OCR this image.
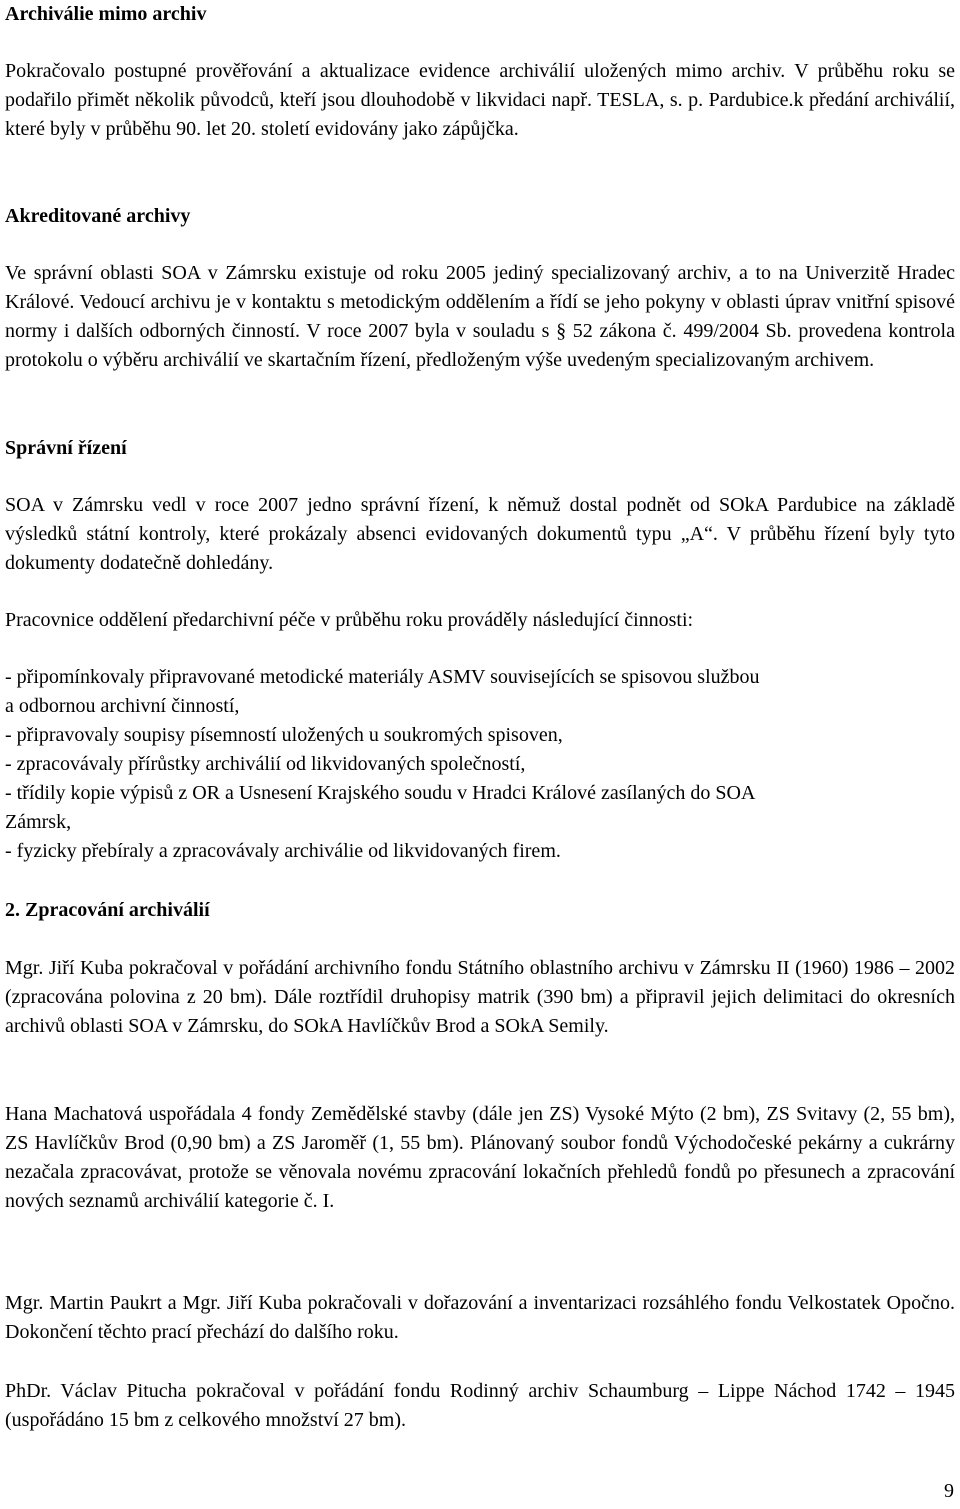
Archiválie mimo archiv

Pokračovalo postupné prověřování a aktualizace evidence archiválií uložených mimo archiv. V průběhu roku se podařilo přimět několik původců, kteří jsou dlouhodobě v likvidaci např. TESLA, s. p. Pardubice.k předání archiválií, které byly v průběhu 90. let 20. století evidovány jako zápůjčka.

Akreditované archivy

Ve správní oblasti SOA v Zámrsku existuje od roku 2005 jediný specializovaný archiv, a to na Univerzitě Hradec Králové. Vedoucí archivu je v kontaktu s metodickým oddělením a řídí se jeho pokyny v oblasti úprav vnitřní spisové normy i dalších odborných činností. V roce 2007 byla v souladu s § 52 zákona č. 499/2004 Sb. provedena kontrola protokolu o výběru archiválií ve skartačním řízení, předloženým výše uvedeným specializovaným archivem.

Správní řízení

SOA v Zámrsku vedl v roce 2007 jedno správní řízení, k němuž dostal podnět od SOkA Pardubice na základě výsledků státní kontroly, které prokázaly absenci evidovaných dokumentů typu „A“. V průběhu řízení byly tyto dokumenty dodatečně dohledány.

Pracovnice oddělení předarchivní péče v průběhu roku prováděly následující činnosti:

- připomínkovaly připravované metodické materiály ASMV souvisejících se spisovou službou

a odbornou archivní činností,

- připravovaly soupisy písemností uložených u soukromých spisoven,

- zpracovávaly přírůstky archiválií od likvidovaných společností,

- třídily kopie výpisů z OR a Usnesení Krajského soudu v Hradci Králové zasílaných do SOA

Zámrsk,

- fyzicky přebíraly a zpracovávaly archiválie od likvidovaných firem.

2. Zpracování archiválií

Mgr. Jiří Kuba pokračoval v pořádání archivního fondu Státního oblastního archivu v Zámrsku II (1960) 1986 – 2002 (zpracována polovina z 20 bm). Dále roztřídil druhopisy matrik (390 bm) a připravil jejich delimitaci do okresních archivů oblasti SOA v Zámrsku, do SOkA Havlíčkův Brod a SOkA Semily.

Hana Machatová uspořádala 4 fondy Zemědělské stavby (dále jen ZS) Vysoké Mýto (2 bm), ZS Svitavy (2, 55 bm), ZS Havlíčkův Brod (0,90 bm) a ZS Jaroměř (1, 55 bm). Plánovaný soubor fondů Východočeské pekárny a cukrárny nezačala zpracovávat, protože se věnovala novému zpracování lokačních přehledů fondů po přesunech a zpracování nových seznamů archiválií kategorie č. I.

Mgr. Martin Paukrt a Mgr. Jiří Kuba pokračovali v dořazování a inventarizaci rozsáhlého fondu Velkostatek Opočno. Dokončení těchto prací přechází do dalšího roku.

PhDr. Václav Pitucha pokračoval v pořádání fondu Rodinný archiv Schaumburg – Lippe Náchod 1742 – 1945 (uspořádáno 15 bm z celkového množství 27 bm).

9
